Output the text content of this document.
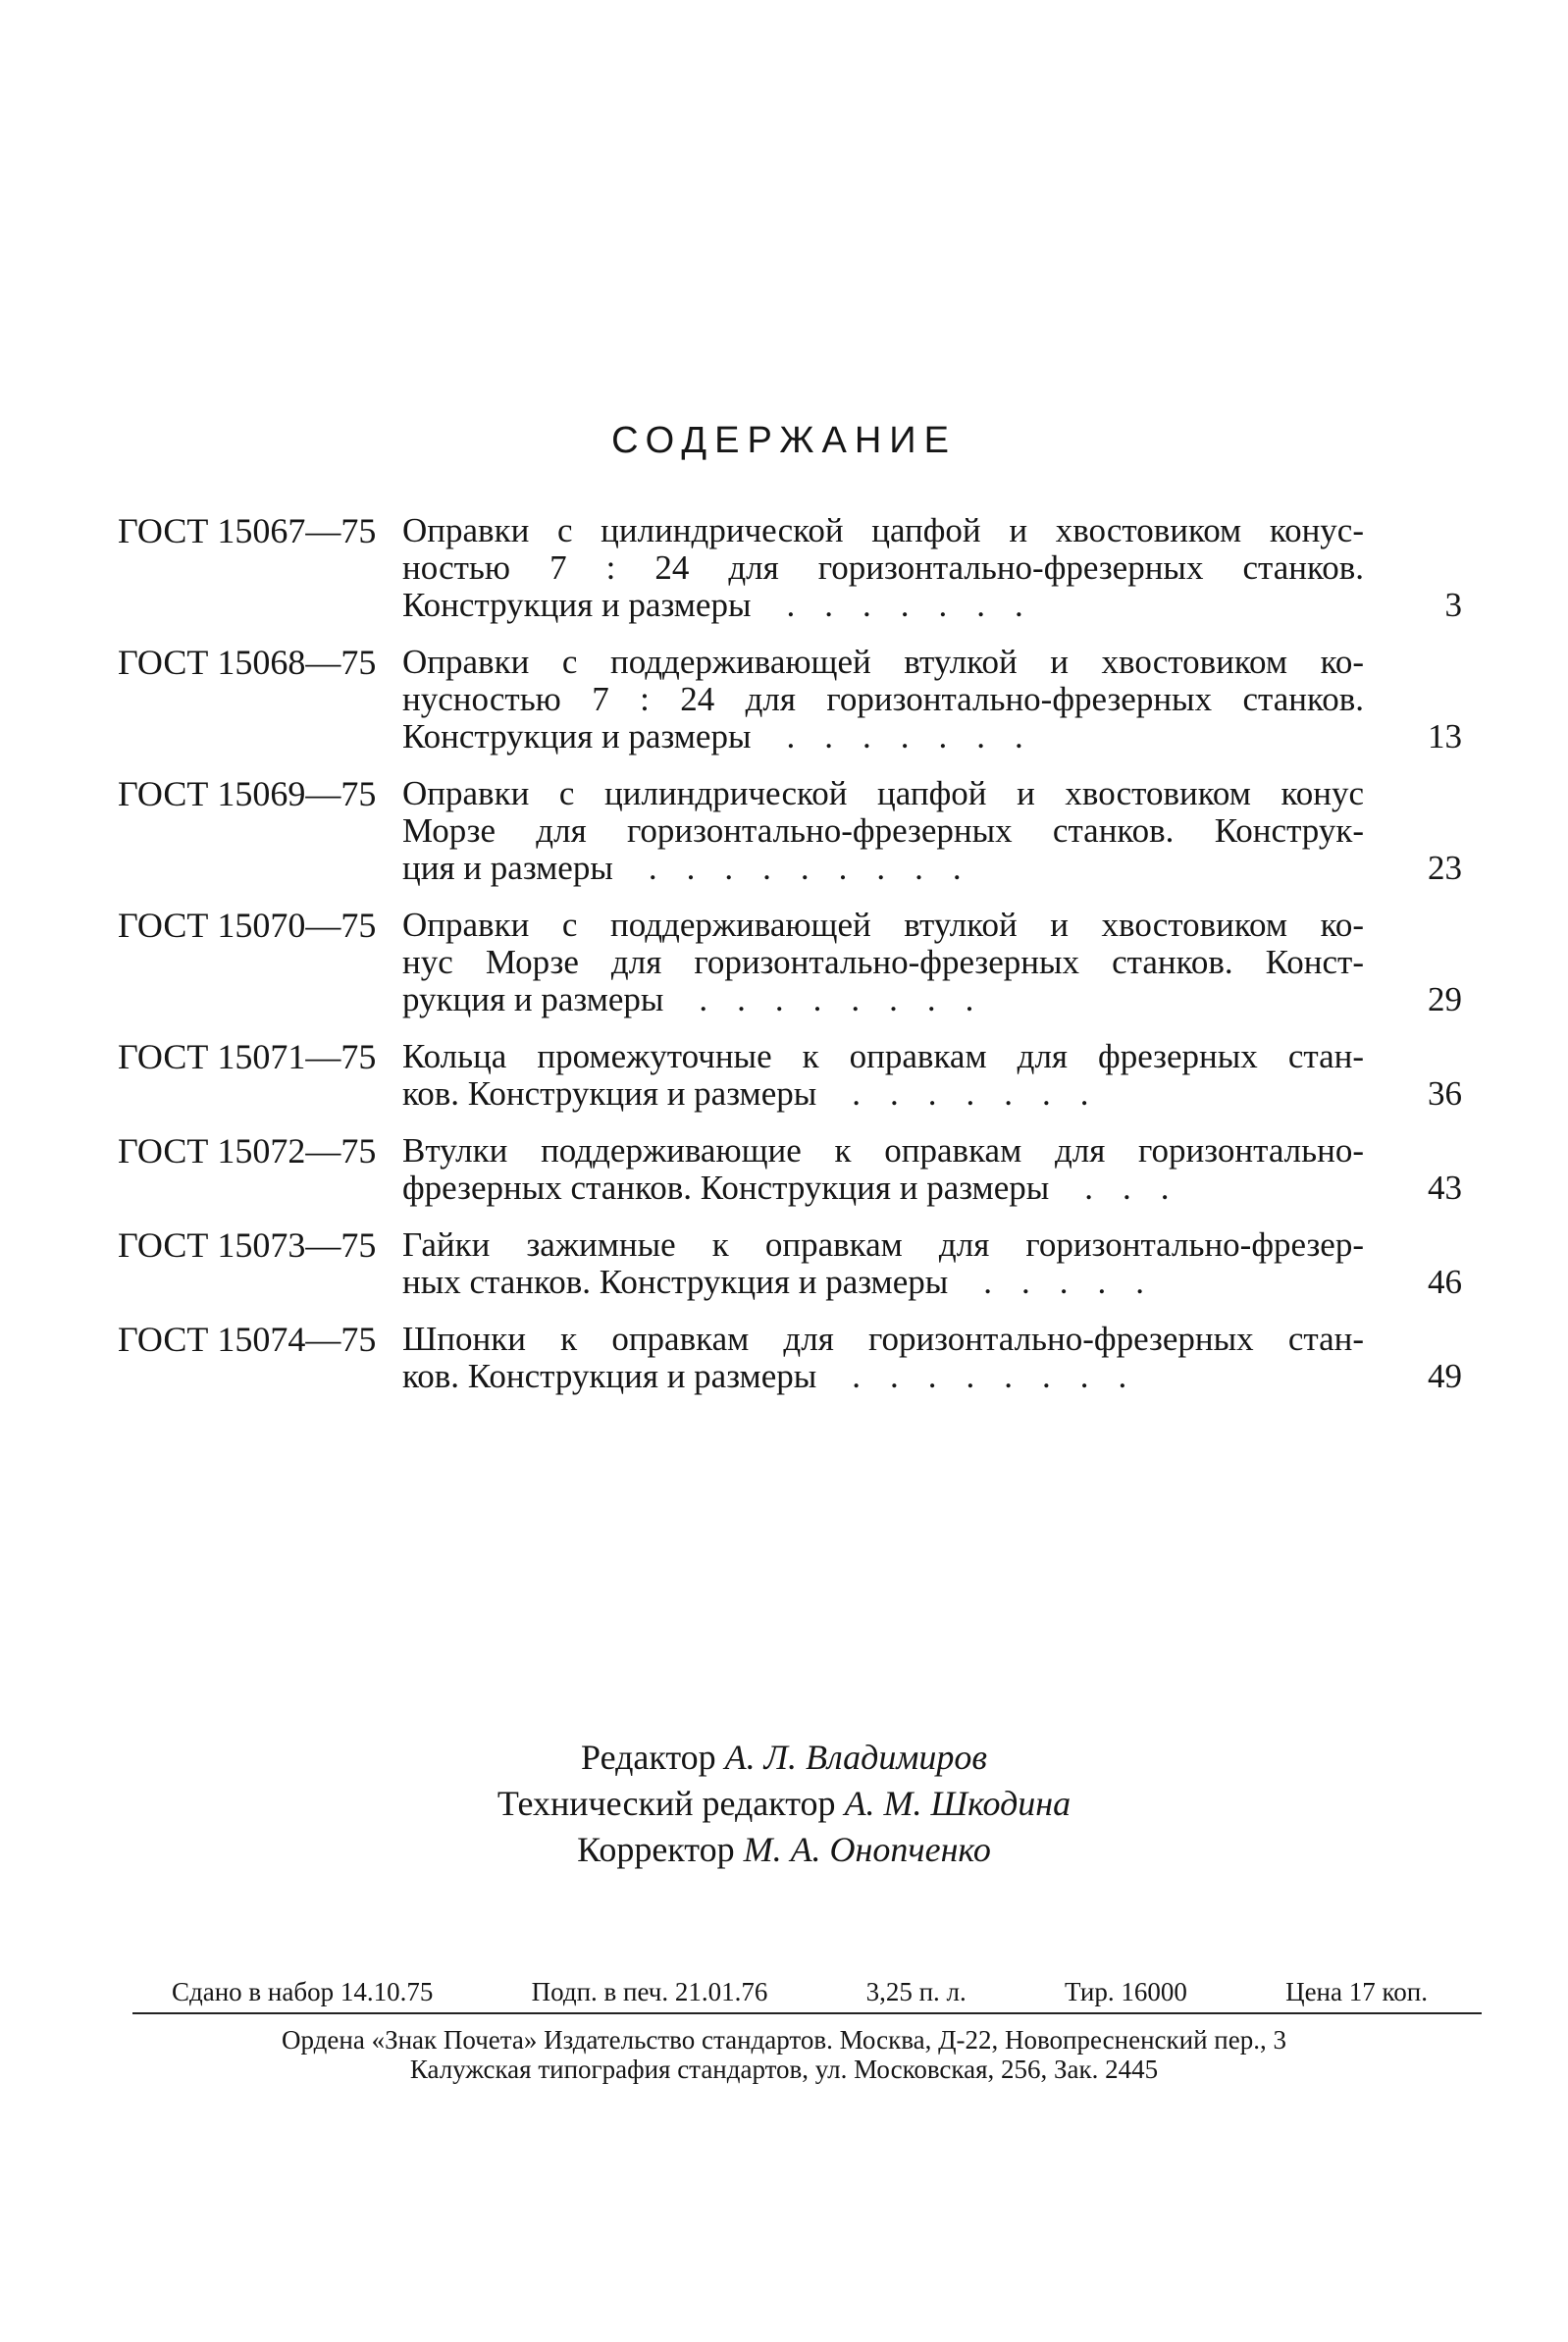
СОДЕРЖАНИЕ
ГОСТ 15067—75 Оправки с цилиндрической цапфой и хвостовиком конус-
ностью 7 : 24 для горизонтально-фрезерных станков.
Конструкция и размеры .......	3
ГОСТ 15068—75 Оправки с поддерживающей втулкой и хвостовиком ко-
нусностью 7 : 24 для горизонтально-фрезерных станков.
Конструкция и размеры .......	13
ГОСТ 15069—75 Оправки с цилиндрической цапфой и хвостовиком конус
Морзе для горизонтально-фрезерных станков. Конструк-
ция и размеры .........	23
ГОСТ 15070—75 Оправки с поддерживающей втулкой и хвостовиком ко-
нус Морзе для горизонтально-фрезерных станков. Конст-
рукция и размеры ........	29
ГОСТ 15071—75 Кольца промежуточные к оправкам для фрезерных стан-
ков. Конструкция и размеры .......	36
ГОСТ 15072—75 Втулки поддерживающие к оправкам для горизонтально-
фрезерных станков. Конструкция и размеры ...	43
ГОСТ 15073—75 Гайки зажимные к оправкам для горизонтально-фрезер-
ных станков. Конструкция и размеры .....	46
ГОСТ 15074—75 Шпонки к оправкам для горизонтально-фрезерных стан-
ков. Конструкция и размеры ........	49
Редактор А. Л. Владимиров
Технический редактор А. М. Шкодина
Корректор М. А. Онопченко
Сдано в набор 14.10.75	Подп. в печ. 21.01.76	3,25 п. л.	Тир. 16000	Цена 17 коп.
Ордена «Знак Почета» Издательство стандартов. Москва, Д-22, Новопресненский пер., 3
Калужская типография стандартов, ул. Московская, 256, Зак. 2445
